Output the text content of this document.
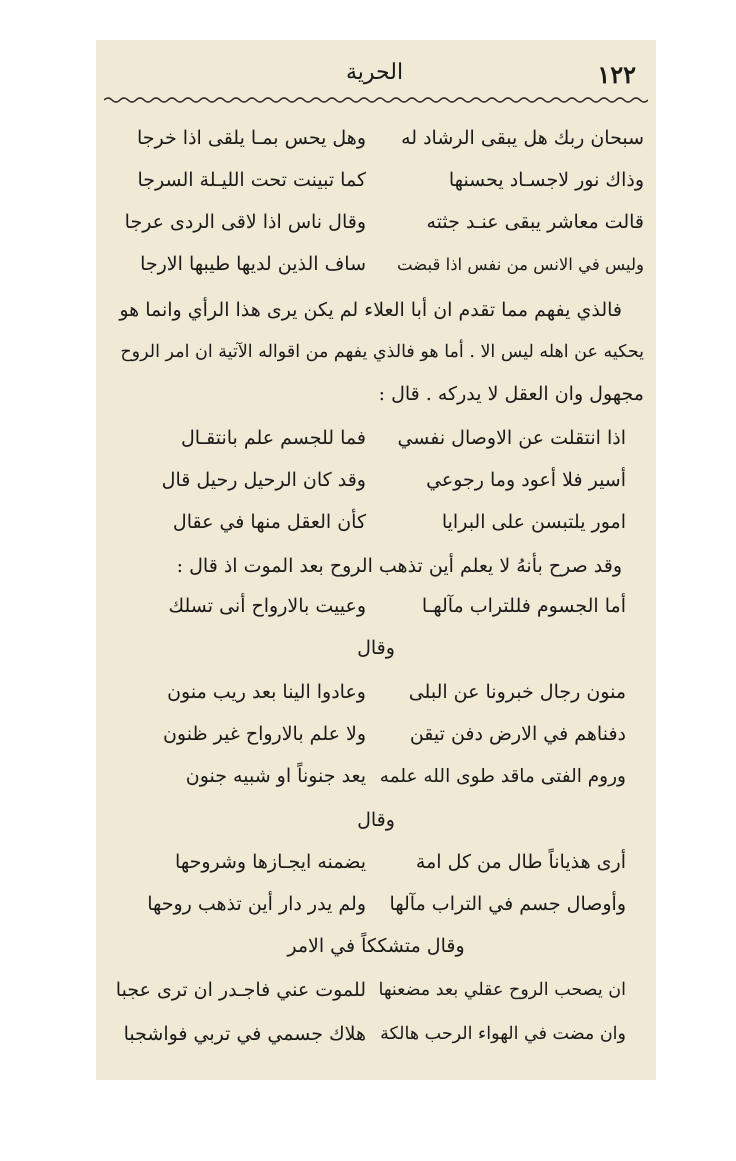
١٢٢
الحرية
سبحان ربك هل يبقى الرشاد له
وهل يحس بمـا يلقى اذا خرجا
وذاك نور لاجسـاد يحسنها
كما تبينت تحت الليـلة السرجا
قالت معاشر يبقى عنـد جثته
وقال ناس اذا لاقى الردى عرجا
وليس في الانس من نفس اذا قبضت
ساف الذين لديها طيبها الارجا
فالذي يفهم مما تقدم ان أبا العلاء لم يكن يرى هذا الرأي وانما هو
يحكيه عن اهله ليس الا . أما هو فالذي يفهم من اقواله الآتية ان امر الروح
مجهول وان العقل لا يدركه . قال :
اذا انتقلت عن الاوصال نفسي
فما للجسم علم بانتقـال
أسير فلا أعود وما رجوعي
وقد كان الرحيل رحيل قال
امور يلتبسن على البرايا
كأن العقل منها في عقال
وقد صرح بأنهُ لا يعلم أين تذهب الروح بعد الموت اذ قال :
أما الجسوم فللتراب مآلهـا
وعييت بالارواح أنى تسلك
وقال
منون رجال خبرونا عن البلى
وعادوا الينا بعد ريب منون
دفناهم في الارض دفن تيقن
ولا علم بالارواح غير ظنون
وروم الفتى ماقد طوى الله علمه
يعد جنوناً او شبيه جنون
وقال
أرى هذياناً طال من كل امة
يضمنه ايجـازها وشروحها
وأوصال جسم في التراب مآلها
ولم يدر دار أين تذهب روحها
وقال متشككاً في الامر
ان يصحب الروح عقلي بعد مضعنها
للموت عني فاجـدر ان ترى عجبا
وان مضت في الهواء الرحب هالكة
هلاك جسمي في تربي فواشجبا
